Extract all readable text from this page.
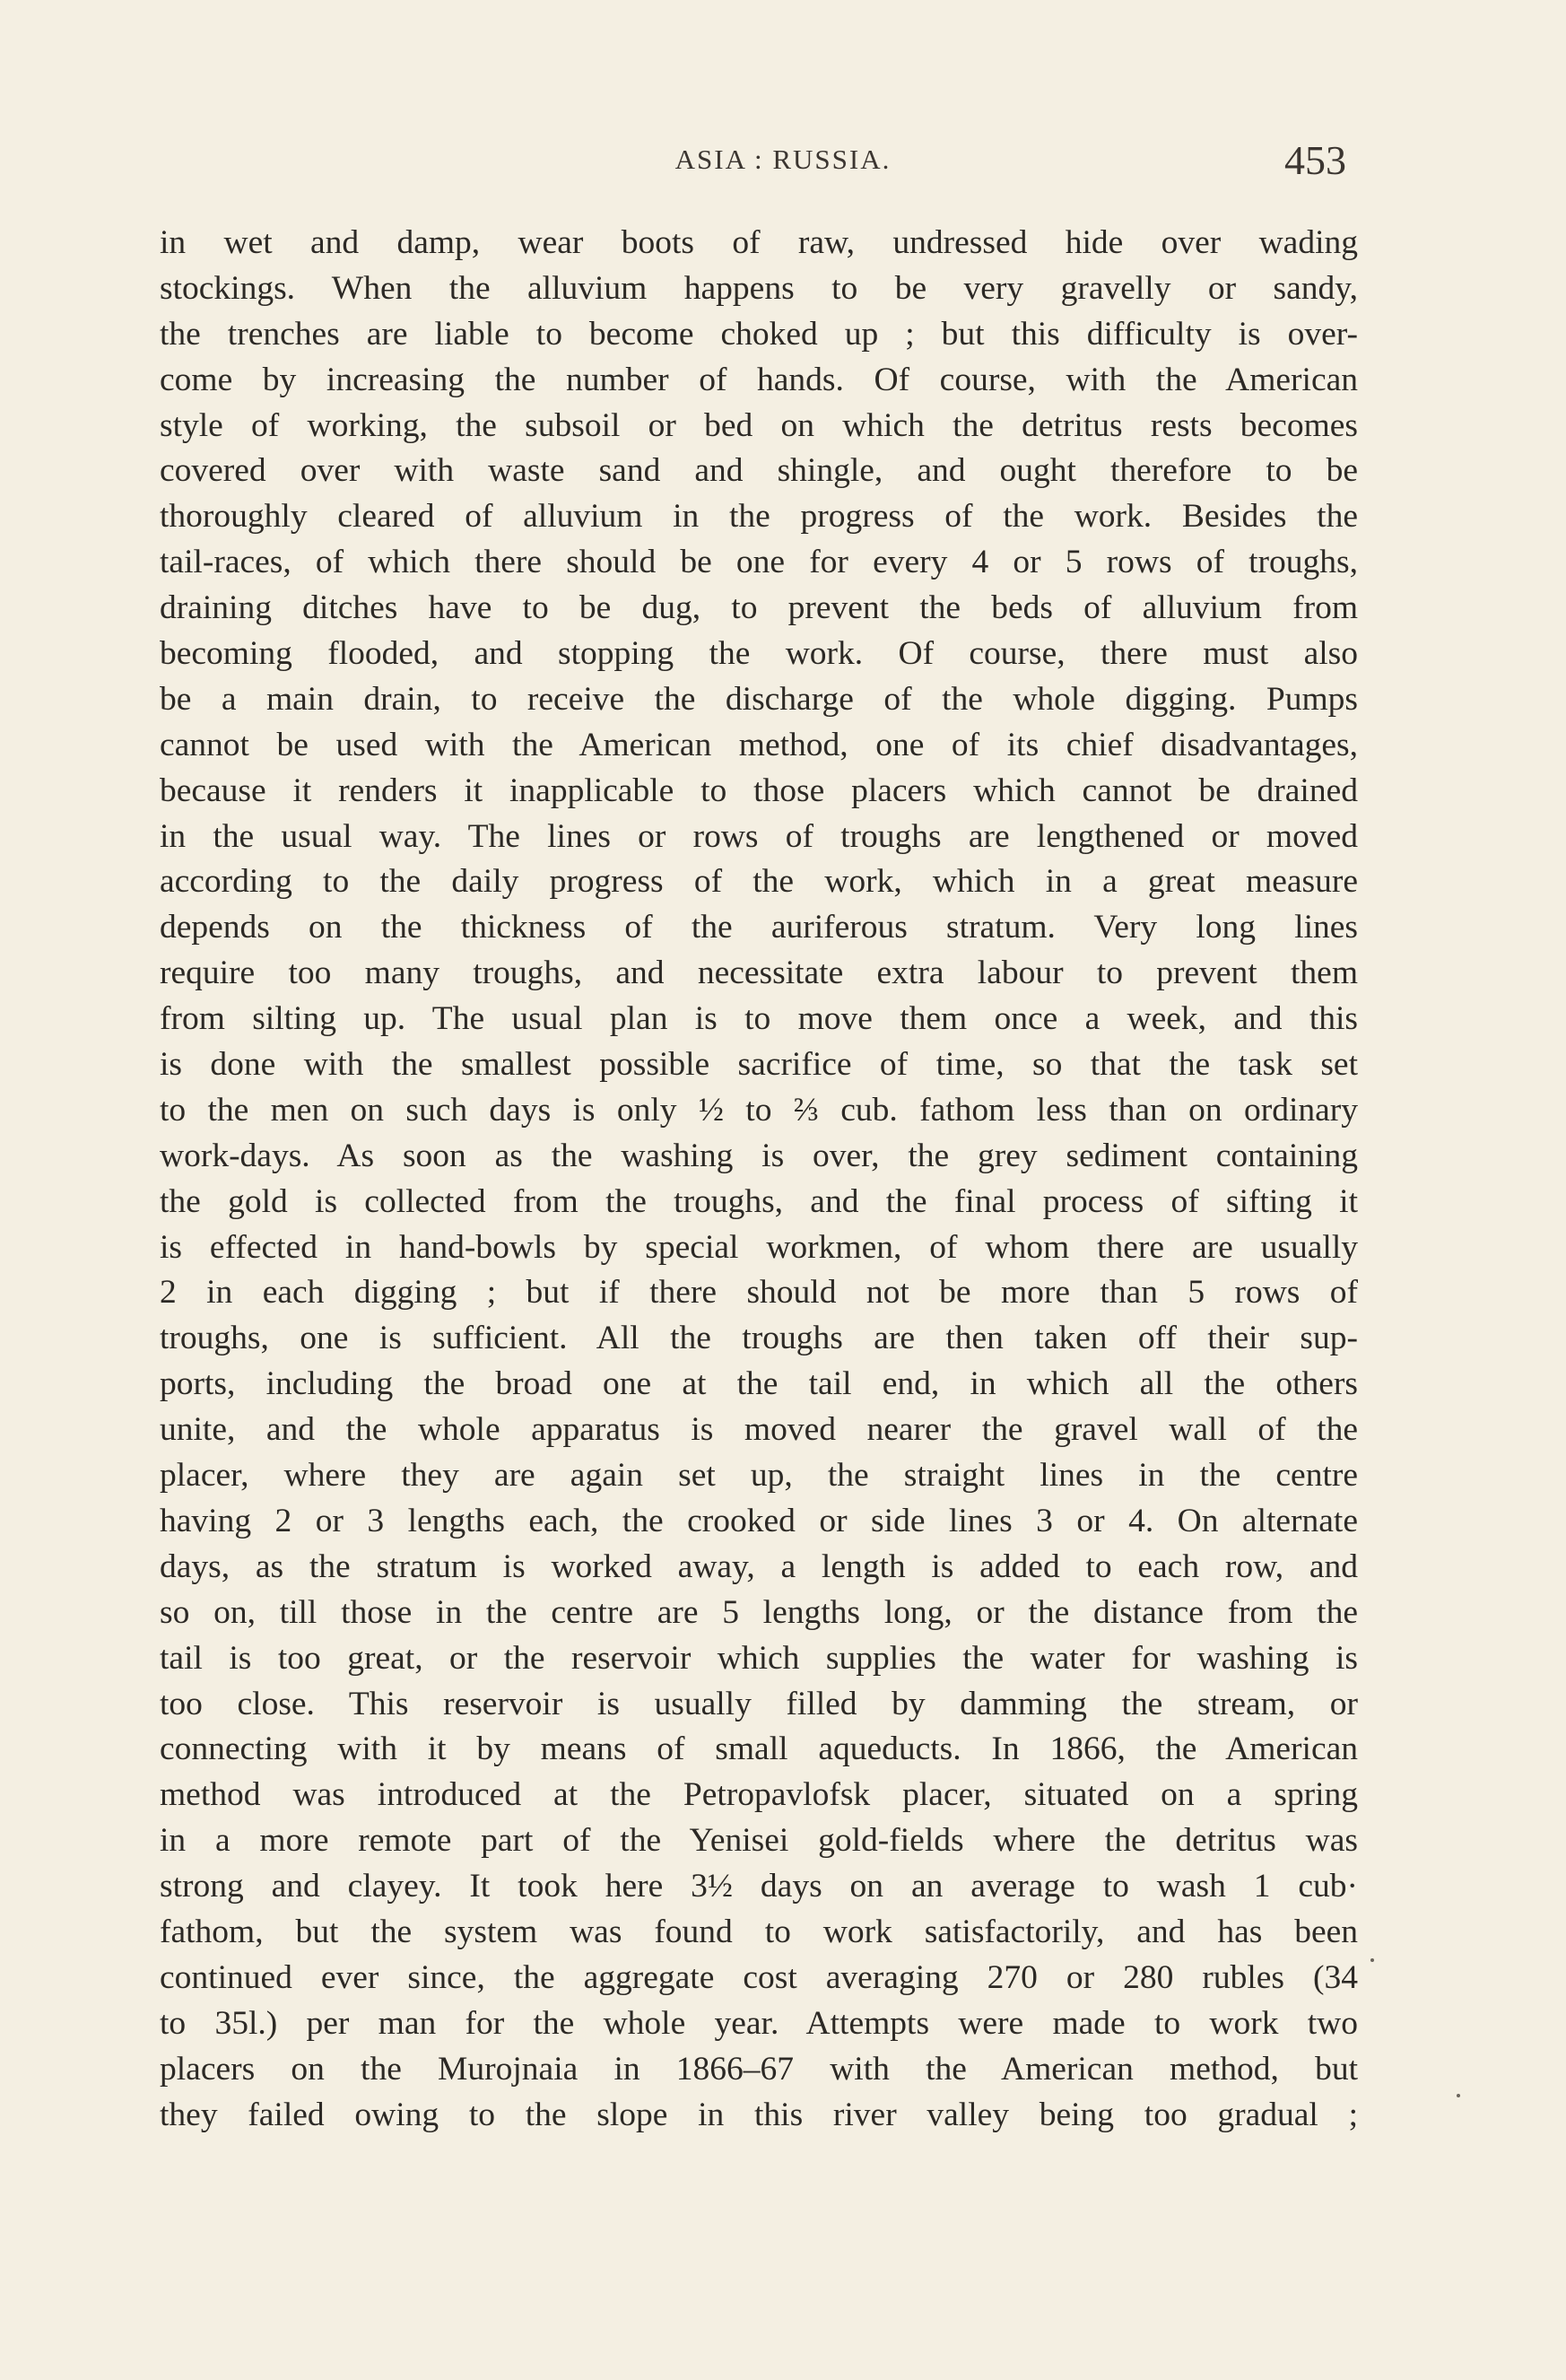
ASIA : RUSSIA.	453

in wet and damp, wear boots of raw, undressed hide over wading
stockings. When the alluvium happens to be very gravelly or sandy,
the trenches are liable to become choked up ; but this difficulty is over-
come by increasing the number of hands. Of course, with the American
style of working, the subsoil or bed on which the detritus rests becomes
covered over with waste sand and shingle, and ought therefore to be
thoroughly cleared of alluvium in the progress of the work. Besides the
tail-races, of which there should be one for every 4 or 5 rows of troughs,
draining ditches have to be dug, to prevent the beds of alluvium from
becoming flooded, and stopping the work. Of course, there must also
be a main drain, to receive the discharge of the whole digging. Pumps
cannot be used with the American method, one of its chief disadvantages,
because it renders it inapplicable to those placers which cannot be drained
in the usual way. The lines or rows of troughs are lengthened or moved
according to the daily progress of the work, which in a great measure
depends on the thickness of the auriferous stratum. Very long lines
require too many troughs, and necessitate extra labour to prevent them
from silting up. The usual plan is to move them once a week, and this
is done with the smallest possible sacrifice of time, so that the task set
to the men on such days is only ½ to ⅔ cub. fathom less than on ordinary
work-days. As soon as the washing is over, the grey sediment containing
the gold is collected from the troughs, and the final process of sifting it
is effected in hand-bowls by special workmen, of whom there are usually
2 in each digging ; but if there should not be more than 5 rows of
troughs, one is sufficient. All the troughs are then taken off their sup-
ports, including the broad one at the tail end, in which all the others
unite, and the whole apparatus is moved nearer the gravel wall of the
placer, where they are again set up, the straight lines in the centre
having 2 or 3 lengths each, the crooked or side lines 3 or 4. On alternate
days, as the stratum is worked away, a length is added to each row, and
so on, till those in the centre are 5 lengths long, or the distance from the
tail is too great, or the reservoir which supplies the water for washing is
too close. This reservoir is usually filled by damming the stream, or
connecting with it by means of small aqueducts. In 1866, the American
method was introduced at the Petropavlofsk placer, situated on a spring
in a more remote part of the Yenisei gold-fields where the detritus was
strong and clayey. It took here 3½ days on an average to wash 1 cub·
fathom, but the system was found to work satisfactorily, and has been
continued ever since, the aggregate cost averaging 270 or 280 rubles (34
to 35l.) per man for the whole year. Attempts were made to work two
placers on the Murojnaia in 1866–67 with the American method, but
they failed owing to the slope in this river valley being too gradual ;
